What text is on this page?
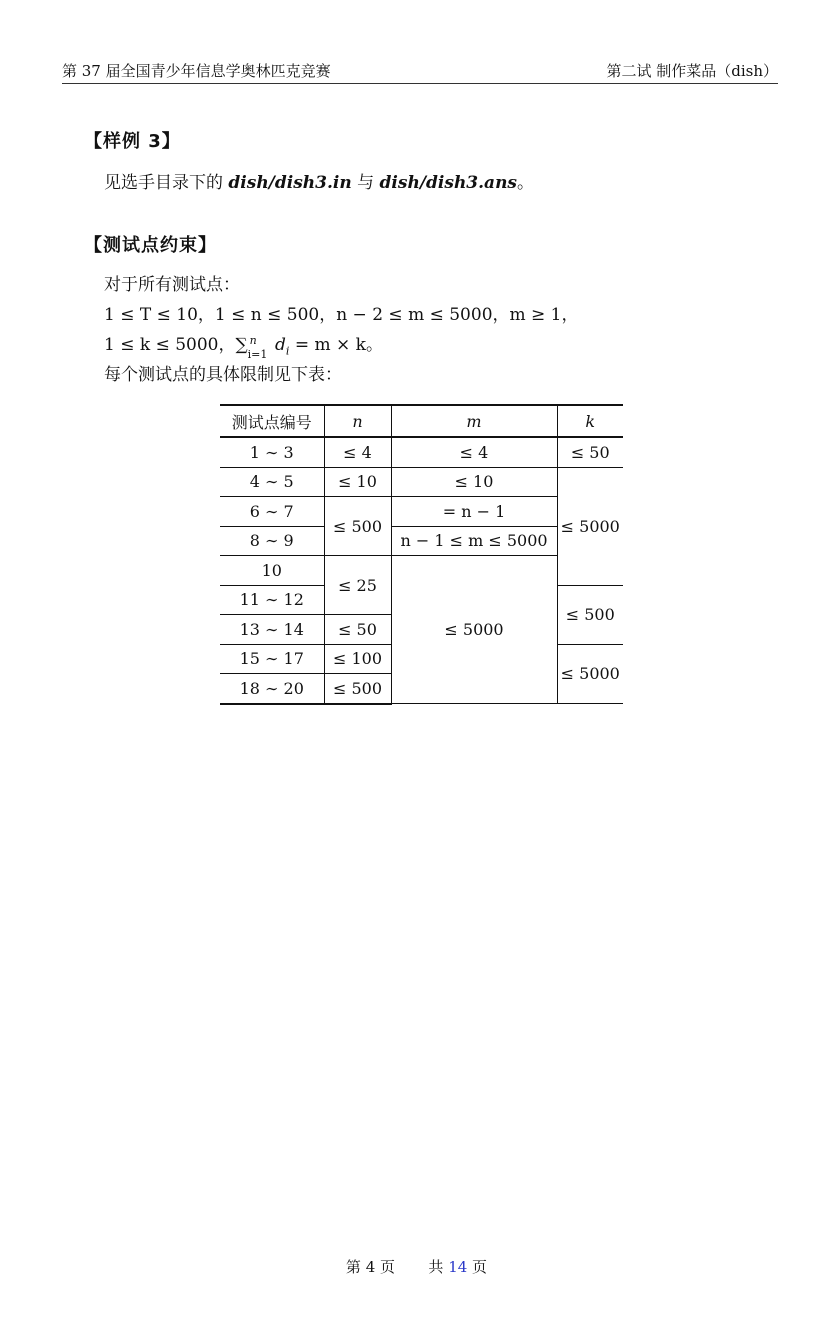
第 37 届全国青少年信息学奥林匹克竞赛	第二试 制作菜品（dish）
【样例 3】
见选手目录下的 dish/dish3.in 与 dish/dish3.ans。
【测试点约束】
对于所有测试点：
1 ≤ T ≤ 10，1 ≤ n ≤ 500，n − 2 ≤ m ≤ 5000，m ≥ 1，
1 ≤ k ≤ 5000，∑ n
i=1 $d_i = m \times k$。
每个测试点的具体限制见下表：
测试点编号	n	m	k
1 ∼ 3	≤ 4	≤ 4	≤ 50
4 ∼ 5	≤ 10	≤ 10	≤ 5000
6 ∼ 7	≤ 500	= n − 1	
8 ∼ 9		n − 1 ≤ m ≤ 5000	
10	≤ 25	≤ 5000	
11 ∼ 12			≤ 500
13 ∼ 14	≤ 50		
15 ∼ 17	≤ 100		≤ 5000
18 ∼ 20	≤ 500		
第 4 页 共 14 页
